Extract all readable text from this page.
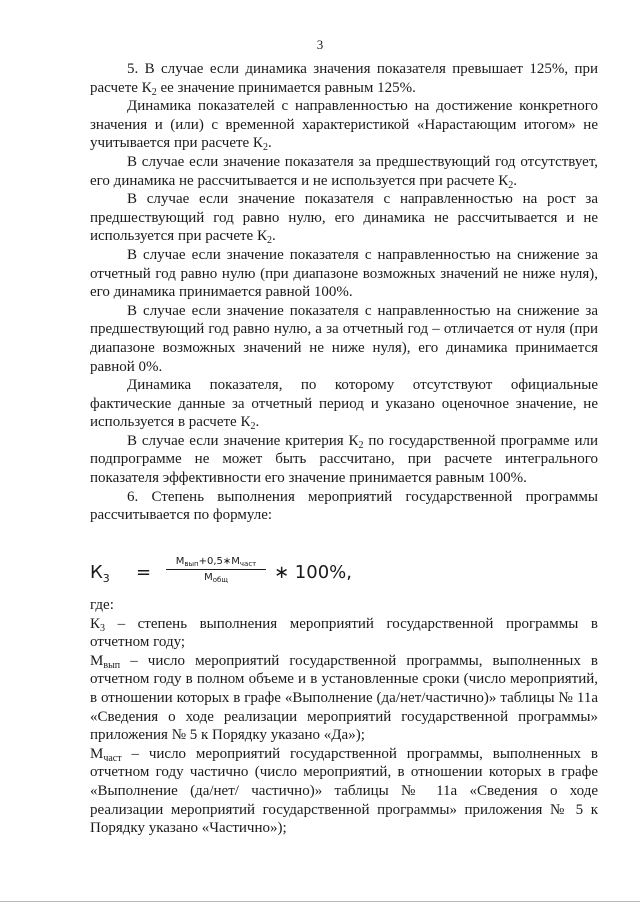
3

5. В случае если динамика значения показателя превышает 125%, при расчете $К_2$ ее значение принимается равным 125%.

Динамика показателей с направленностью на достижение конкретного значения и (или) с временной характеристикой «Нарастающим итогом» не учитывается при расчете $К_2$.

В случае если значение показателя за предшествующий год отсутствует, его динамика не рассчитывается и не используется при расчете $К_2$.

В случае если значение показателя с направленностью на рост за предшествующий год равно нулю, его динамика не рассчитывается и не используется при расчете $К_2$.

В случае если значение показателя с направленностью на снижение за отчетный год равно нулю (при диапазоне возможных значений не ниже нуля), его динамика принимается равной 100%.

В случае если значение показателя с направленностью на снижение за предшествующий год равно нулю, а за отчетный год – отличается от нуля (при диапазоне возможных значений не ниже нуля), его динамика принимается равной 0%.

Динамика показателя, по которому отсутствуют официальные фактические данные за отчетный период и указано оценочное значение, не используется в расчете $К_2$.

В случае если значение критерия $К_2$ по государственной программе или подпрограмме не может быть рассчитано, при расчете интегрального показателя эффективности его значение принимается равным 100%.

6. Степень выполнения мероприятий государственной программы рассчитывается по формуле:

$К_3$ =
$М_{вып}+0,5∗М_{част}$
$М_{общ}$	∗ 100%,

где:

$К_3$ – степень выполнения мероприятий государственной программы в отчетном году;

$М_{вып}$ – число мероприятий государственной программы, выполненных в отчетном году в полном объеме и в установленные сроки (число мероприятий, в отношении которых в графе «Выполнение (да/нет/частично)» таблицы № 11а «Сведения о ходе реализации мероприятий государственной программы» приложения № 5 к Порядку указано «Да»);

$М_{част}$ – число мероприятий государственной программы, выполненных в отчетном году частично (число мероприятий, в отношении которых в графе «Выполнение (да/нет/ частично)» таблицы № 11а «Сведения о ходе реализации мероприятий государственной программы» приложения № 5 к Порядку указано «Частично»);
